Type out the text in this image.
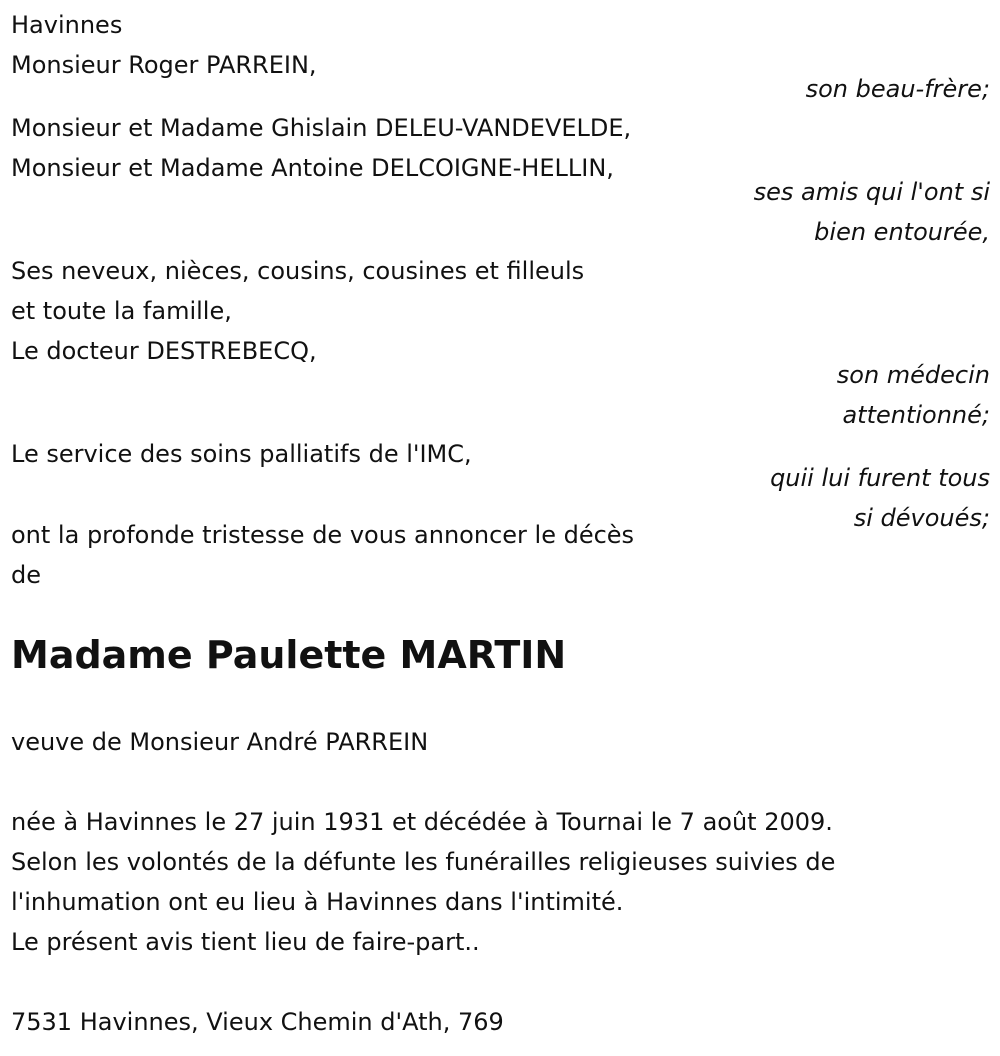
Havinnes

Monsieur Roger PARREIN,

son beau-frère;

Monsieur et Madame Ghislain DELEU-VANDEVELDE,

Monsieur et Madame Antoine DELCOIGNE-HELLIN,

ses amis qui l'ont si

bien entourée,

Ses neveux, nièces, cousins, cousines et filleuls

et toute la famille,

Le docteur DESTREBECQ,

son médecin

attentionné;

Le service des soins palliatifs de l'IMC,

quii lui furent tous

si dévoués;

ont la profonde tristesse de vous annoncer le décès

de

Madame Paulette MARTIN

veuve de Monsieur André PARREIN

née à Havinnes le 27 juin 1931 et décédée à Tournai le 7 août 2009.

Selon les volontés de la défunte les funérailles religieuses suivies de

l'inhumation ont eu lieu à Havinnes dans l'intimité.

Le présent avis tient lieu de faire-part..

7531 Havinnes, Vieux Chemin d'Ath, 769
